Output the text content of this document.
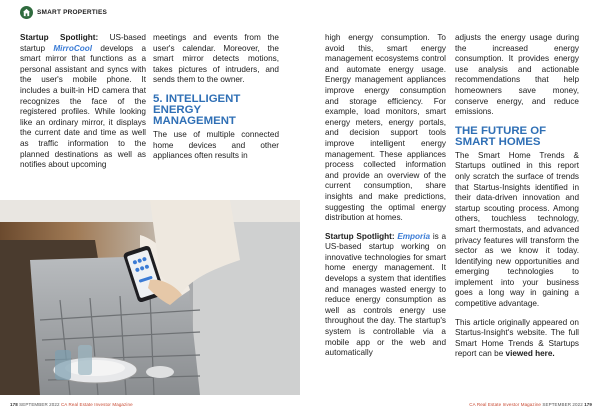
SMART PROPERTIES

Startup Spotlight: US-based startup MirroCool develops a smart mirror that functions as a personal assistant and syncs with the user's mobile phone. It includes a built-in HD camera that recognizes the face of the registered profiles. While looking like an ordinary mirror, it displays the current date and time as well as traffic information to the planned destinations as well as notifies about upcoming

meetings and events from the user's calendar. Moreover, the smart mirror detects motions, takes pictures of intruders, and sends them to the owner.

5. INTELLIGENT ENERGY MANAGEMENT

The use of multiple connected home devices and other appliances often results in

178 SEPTEMBER 2022 CA Real Estate Investor Magazine

high energy consumption. To avoid this, smart energy management ecosystems control and automate energy usage. Energy management appliances improve energy consumption and storage efficiency. For example, load monitors, smart energy meters, energy portals, and decision support tools improve intelligent energy management. These appliances process collected information and provide an overview of the current consumption, share insights and make predictions, suggesting the optimal energy distribution at homes.

Startup Spotlight: Emporia is a US-based startup working on innovative technologies for smart home energy management. It develops a system that identifies and manages wasted energy to reduce energy consumption as well as controls energy use throughout the day. The startup's system is controllable via a mobile app or the web and automatically

adjusts the energy usage during the increased energy consumption. It provides energy use analysis and actionable recommendations that help homeowners save money, conserve energy, and reduce emissions.

THE FUTURE OF SMART HOMES

The Smart Home Trends & Startups outlined in this report only scratch the surface of trends that Startus-Insights identified in their data-driven innovation and startup scouting process. Among others, touchless technology, smart thermostats, and advanced privacy features will transform the sector as we know it today. Identifying new opportunities and emerging technologies to implement into your business goes a long way in gaining a competitive advantage.

This article originally appeared on Startus-Insight's website. The full Smart Home Trends & Startups report can be viewed here.

CA Real Estate Investor Magazine SEPTEMBER 2022 179
